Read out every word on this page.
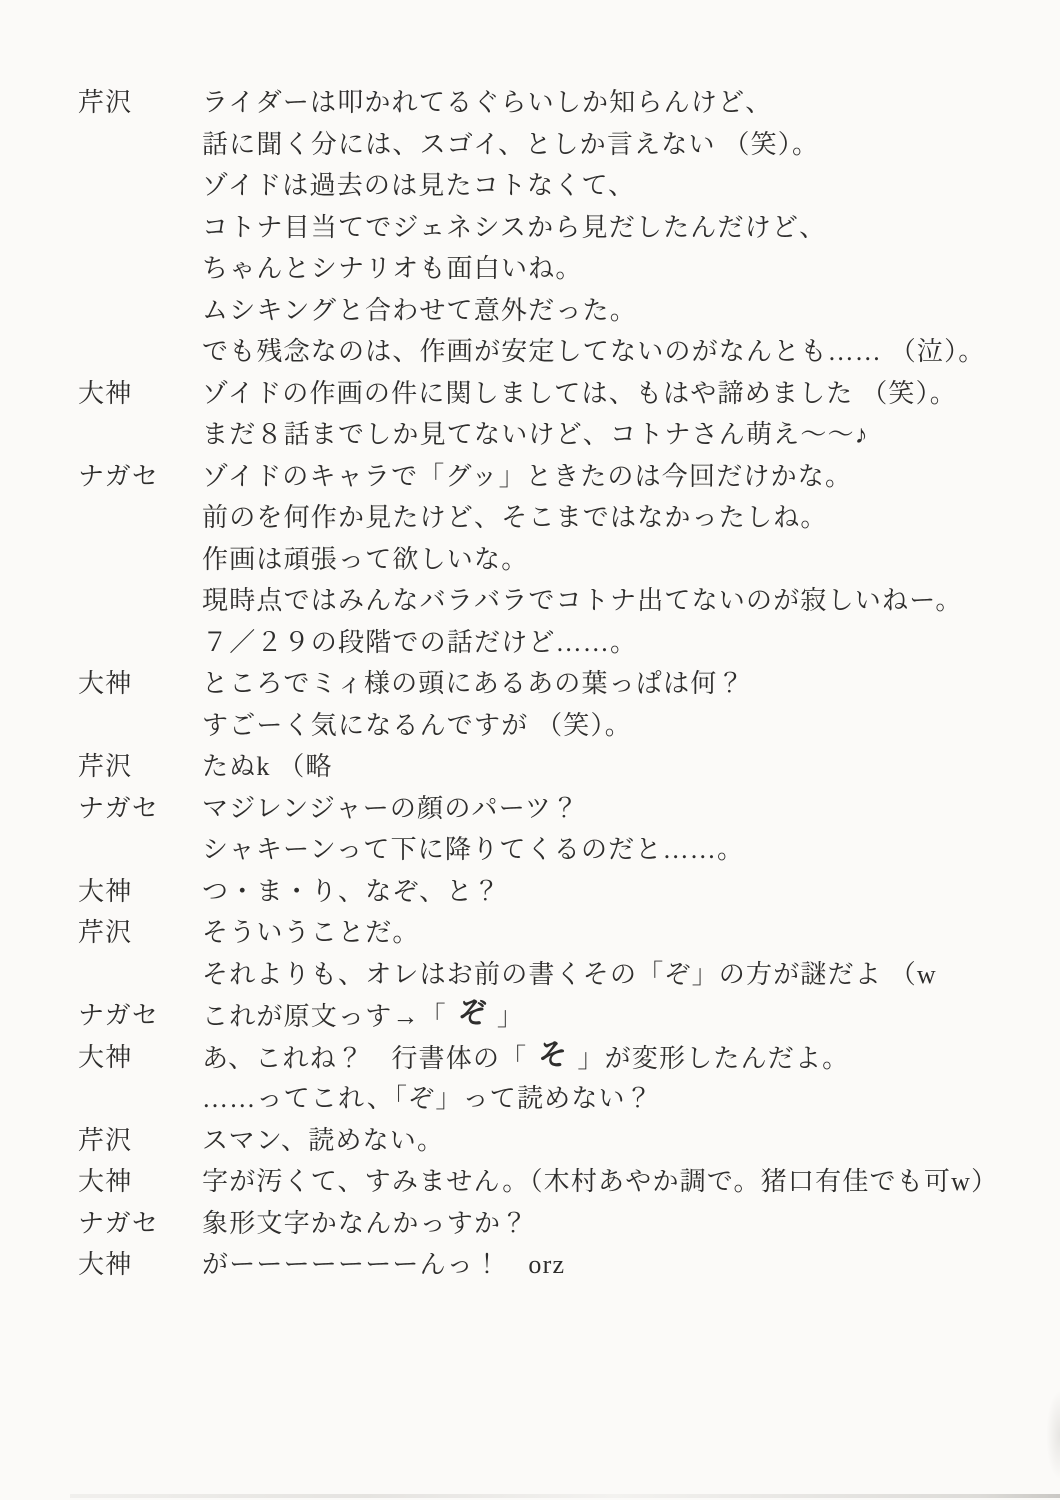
芹沢	ライダーは叩かれてるぐらいしか知らんけど、
話に聞く分には、スゴイ、としか言えない （笑）。
ゾイドは過去のは見たコトなくて、
コトナ目当てでジェネシスから見だしたんだけど、
ちゃんとシナリオも面白いね。
ムシキングと合わせて意外だった。
でも残念なのは、作画が安定してないのがなんとも…… （泣）。
大神	ゾイドの作画の件に関しましては、もはや諦めました （笑）。
まだ８話までしか見てないけど、コトナさん萌え～～♪
ナガセ ゾイドのキャラで「グッ」ときたのは今回だけかな。
前のを何作か見たけど、そこまではなかったしね。
作画は頑張って欲しいな。
現時点ではみんなバラバラでコトナ出てないのが寂しいねー。
７／２９の段階での話だけど……。
大神	ところでミィ様の頭にあるあの葉っぱは何？
すごーく気になるんですが （笑）。
芹沢	たぬk （略
ナガセ マジレンジャーの顔のパーツ？
シャキーンって下に降りてくるのだと……。
大神	つ・ま・り、なぞ、と？
芹沢	そういうことだ。
それよりも、オレはお前の書くその「ぞ」の方が謎だよ （w
ナガセ これが原文っす→「 ぞ 」
大神	あ、これね？　行書体の「 そ 」が変形したんだよ。
……ってこれ、「ぞ」って読めない？
芹沢	スマン、読めない。
大神	字が汚くて、すみません。（木村あやか調で。猪口有佳でも可w）
ナガセ 象形文字かなんかっすか？
大神	がーーーーーーーんっ！　orz
